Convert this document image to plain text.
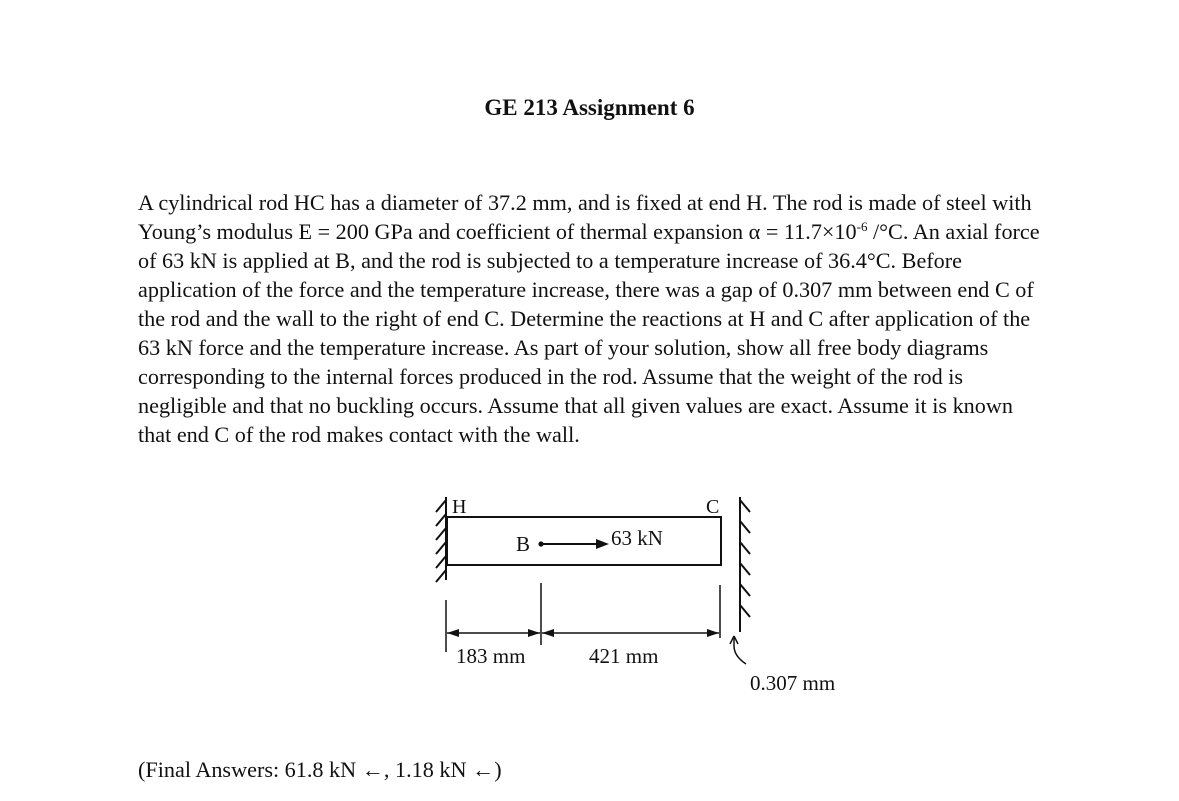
GE 213 Assignment 6

A cylindrical rod HC has a diameter of 37.2 mm, and is fixed at end H. The rod is made of steel with Young’s modulus E = 200 GPa and coefficient of thermal expansion $\alpha = 11.7\times 10^{-6}$ /°C. An axial force of 63 kN is applied at B, and the rod is subjected to a temperature increase of 36.4°C. Before application of the force and the temperature increase, there was a gap of 0.307 mm between end C of the rod and the wall to the right of end C. Determine the reactions at H and C after application of the 63 kN force and the temperature increase. As part of your solution, show all free body diagrams corresponding to the internal forces produced in the rod. Assume that the weight of the rod is negligible and that no buckling occurs. Assume that all given values are exact. Assume it is known that end C of the rod makes contact with the wall.

H	C
B	63 kN
183 mm	421 mm
0.307 mm

(Final Answers: 61.8 kN ←, 1.18 kN ←)
